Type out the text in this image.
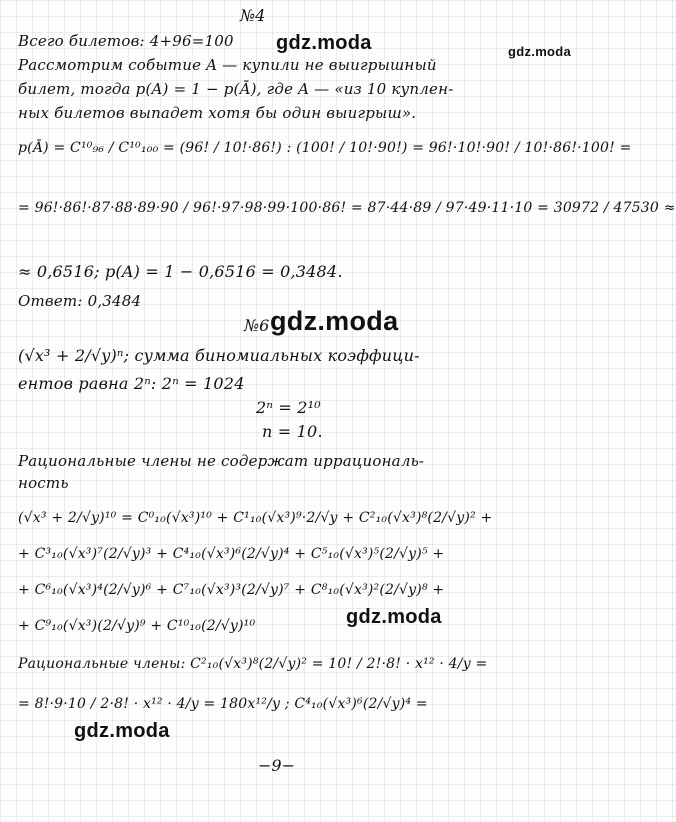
№4
Всего билетов: 4+96=100
Рассмотрим событие A — купили не выигрышный
билет, тогда p(A) = 1 − p(Ā), где A — «из 10 куплен-
ных билетов выпадет хотя бы один выигрыш».
p(Ā) = C¹⁰₉₆ / C¹⁰₁₀₀ = (96! / 10!·86!) : (100! / 10!·90!) = 96!·10!·90! / 10!·86!·100! =
= 96!·86!·87·88·89·90 / 96!·97·98·99·100·86! = 87·44·89 / 97·49·11·10 = 30972 / 47530 ≈
≈ 0,6516; p(A) = 1 − 0,6516 = 0,3484.
Ответ: 0,3484
№6
(√x³ + 2/√y)ⁿ; сумма биномиальных коэффици-
ентов равна 2ⁿ: 2ⁿ = 1024
2ⁿ = 2¹⁰
n = 10.
Рациональные члены не содержат иррациональ-
ность
(√x³ + 2/√y)¹⁰ = C⁰₁₀(√x³)¹⁰ + C¹₁₀(√x³)⁹·2/√y + C²₁₀(√x³)⁸(2/√y)² +
+ C³₁₀(√x³)⁷(2/√y)³ + C⁴₁₀(√x³)⁶(2/√y)⁴ + C⁵₁₀(√x³)⁵(2/√y)⁵ +
+ C⁶₁₀(√x³)⁴(2/√y)⁶ + C⁷₁₀(√x³)³(2/√y)⁷ + C⁸₁₀(√x³)²(2/√y)⁸ +
+ C⁹₁₀(√x³)(2/√y)⁹ + C¹⁰₁₀(2/√y)¹⁰
Рациональные члены: C²₁₀(√x³)⁸(2/√y)² = 10! / 2!·8! · x¹² · 4/y =
= 8!·9·10 / 2·8! · x¹² · 4/y = 180x¹²/y ; C⁴₁₀(√x³)⁶(2/√y)⁴ =
−9−
gdz.moda	gdz.moda
gdz.moda
gdz.moda
gdz.moda
